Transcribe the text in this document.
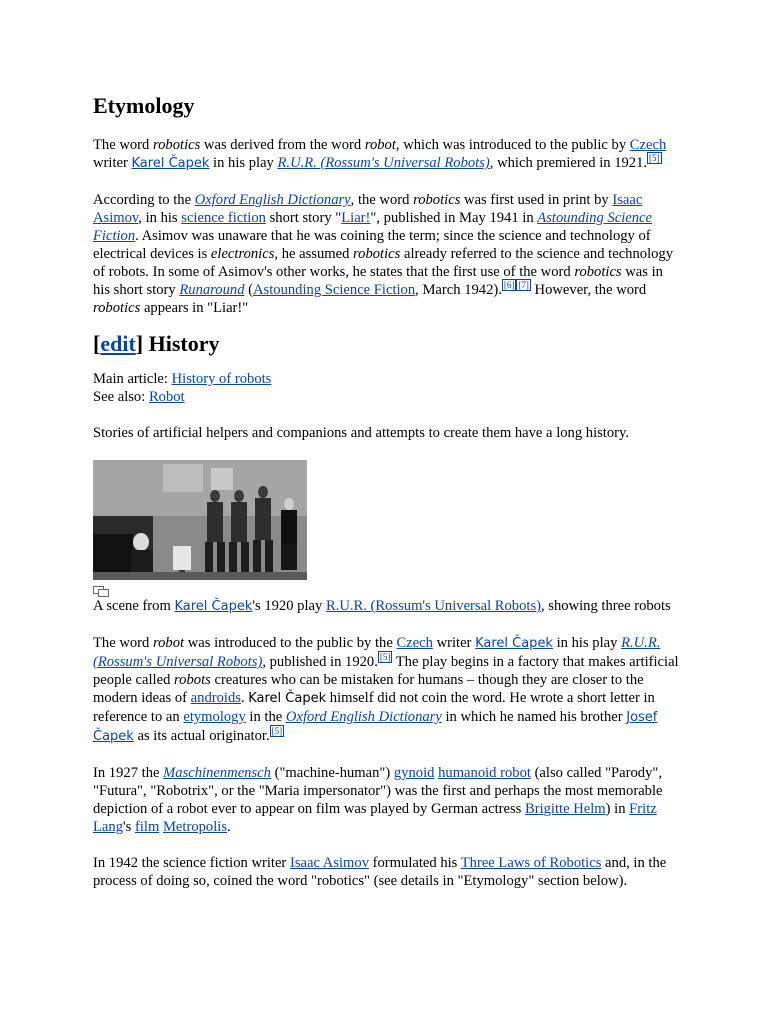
Etymology

The word robotics was derived from the word robot, which was introduced to the public by Czech writer Karel Čapek in his play R.U.R. (Rossum's Universal Robots), which premiered in 1921. [5]

According to the Oxford English Dictionary, the word robotics was first used in print by Isaac Asimov, in his science fiction short story "Liar!", published in May 1941 in Astounding Science Fiction. Asimov was unaware that he was coining the term; since the science and technology of electrical devices is electronics, he assumed robotics already referred to the science and technology of robots. In some of Asimov's other works, he states that the first use of the word robotics was in his short story Runaround (Astounding Science Fiction, March 1942). [6] [7] However, the word robotics appears in "Liar!"

[edit] History

Main article: History of robots

See also: Robot

Stories of artificial helpers and companions and attempts to create them have a long history.

A scene from Karel Čapek's 1920 play R.U.R. (Rossum's Universal Robots), showing three robots

The word robot was introduced to the public by the Czech writer Karel Čapek in his play R.U.R. (Rossum's Universal Robots), published in 1920. [5] The play begins in a factory that makes artificial people called robots creatures who can be mistaken for humans – though they are closer to the modern ideas of androids. Karel Čapek himself did not coin the word. He wrote a short letter in reference to an etymology in the Oxford English Dictionary in which he named his brother Josef Čapek as its actual originator. [5]

In 1927 the Maschinenmensch ("machine-human") gynoid humanoid robot (also called "Parody", "Futura", "Robotrix", or the "Maria impersonator") was the first and perhaps the most memorable depiction of a robot ever to appear on film was played by German actress Brigitte Helm) in Fritz Lang's film Metropolis.

In 1942 the science fiction writer Isaac Asimov formulated his Three Laws of Robotics and, in the process of doing so, coined the word "robotics" (see details in "Etymology" section below).
